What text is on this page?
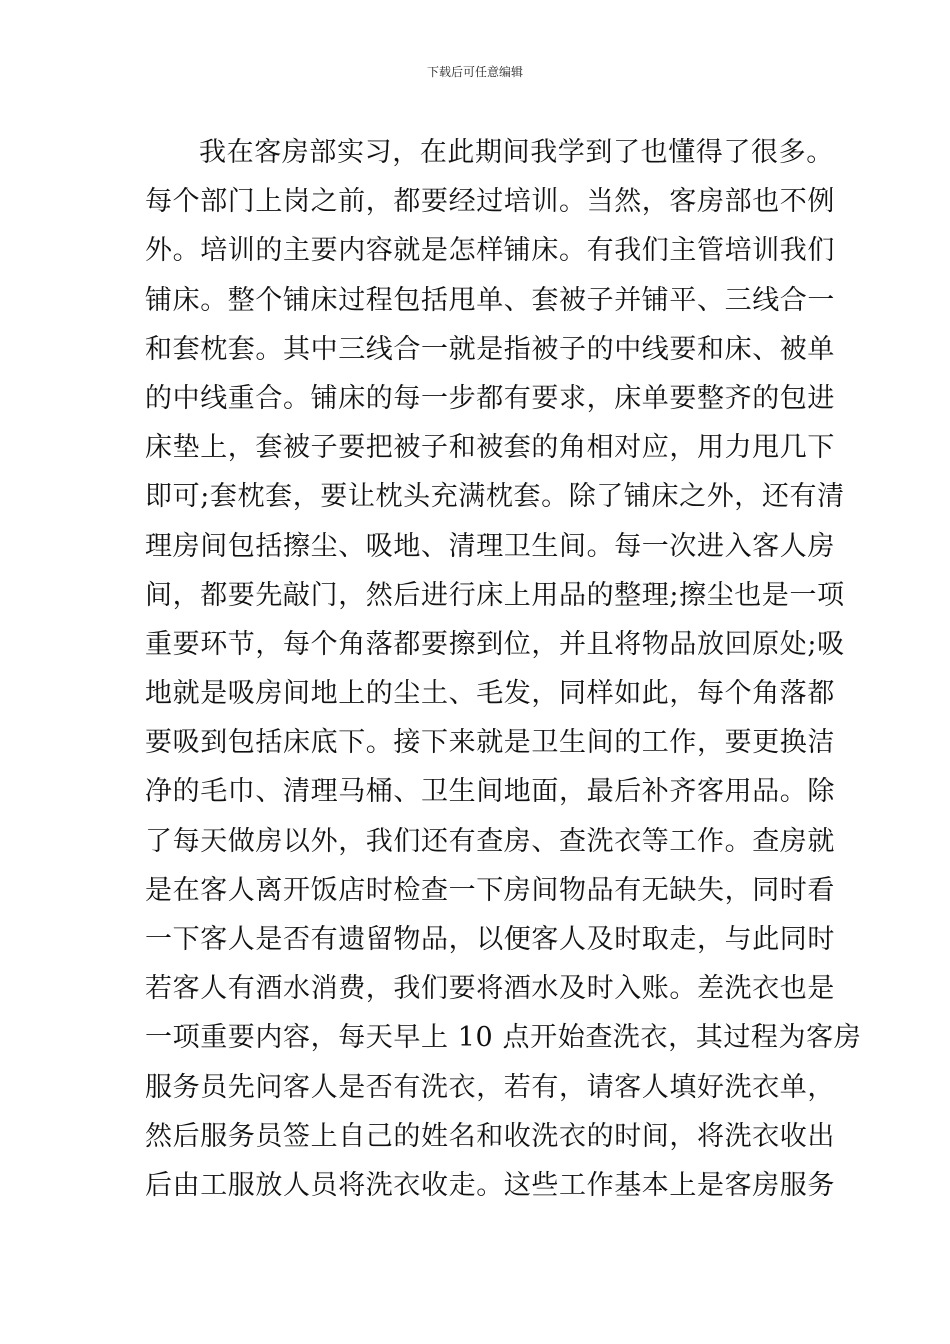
下载后可任意编辑
我在客房部实习，在此期间我学到了也懂得了很多。
每个部门上岗之前，都要经过培训。当然，客房部也不例
外。培训的主要内容就是怎样铺床。有我们主管培训我们
铺床。整个铺床过程包括甩单、套被子并铺平、三线合一
和套枕套。其中三线合一就是指被子的中线要和床、被单
的中线重合。铺床的每一步都有要求，床单要整齐的包进
床垫上，套被子要把被子和被套的角相对应，用力甩几下
即可;套枕套，要让枕头充满枕套。除了铺床之外，还有清
理房间包括擦尘、吸地、清理卫生间。每一次进入客人房
间，都要先敲门，然后进行床上用品的整理;擦尘也是一项
重要环节，每个角落都要擦到位，并且将物品放回原处;吸
地就是吸房间地上的尘土、毛发，同样如此，每个角落都
要吸到包括床底下。接下来就是卫生间的工作，要更换洁
净的毛巾、清理马桶、卫生间地面，最后补齐客用品。除
了每天做房以外，我们还有查房、查洗衣等工作。查房就
是在客人离开饭店时检查一下房间物品有无缺失，同时看
一下客人是否有遗留物品，以便客人及时取走，与此同时
若客人有酒水消费，我们要将酒水及时入账。差洗衣也是
一项重要内容，每天早上 10 点开始查洗衣，其过程为客房
服务员先问客人是否有洗衣，若有，请客人填好洗衣单，
然后服务员签上自己的姓名和收洗衣的时间，将洗衣收出
后由工服放人员将洗衣收走。这些工作基本上是客房服务
